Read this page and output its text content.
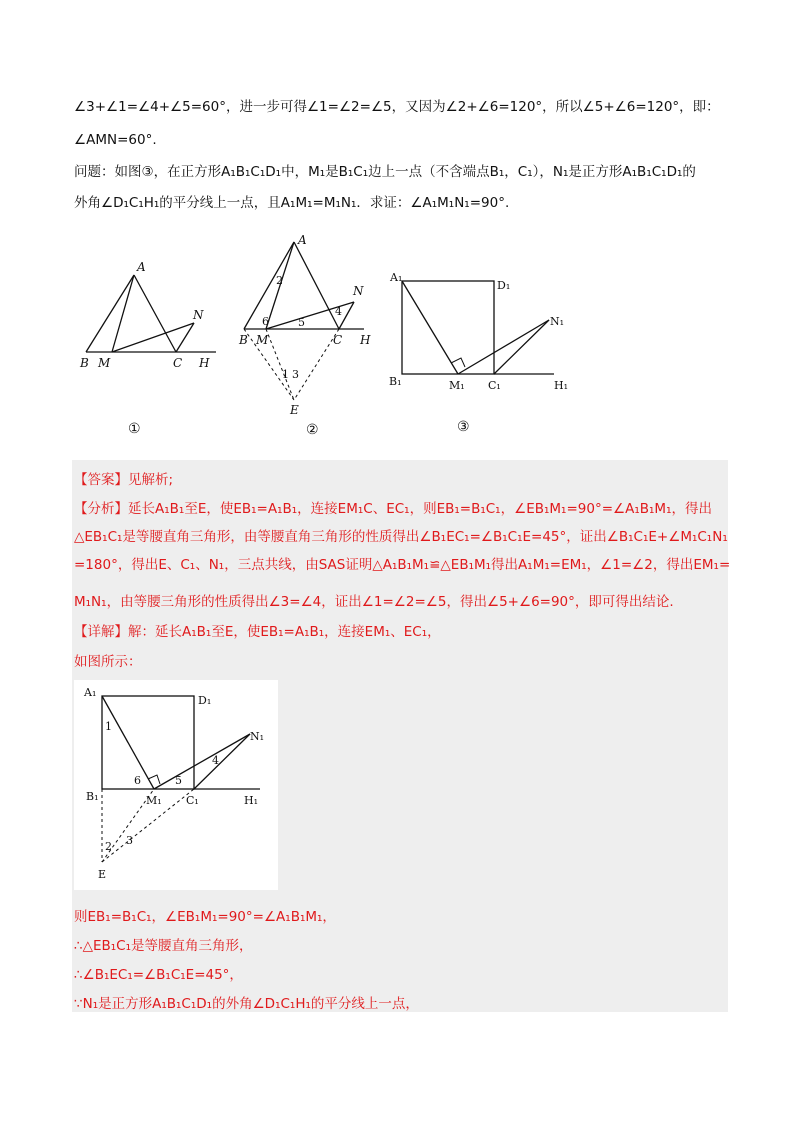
∠3+∠1=∠4+∠5=60°，进一步可得∠1=∠2=∠5，又因为∠2+∠6=120°，所以∠5+∠6=120°，即：
∠AMN=60°.
问题：如图③，在正方形A₁B₁C₁D₁中，M₁是B₁C₁边上一点（不含端点B₁，C₁），N₁是正方形A₁B₁C₁D₁的
外角∠D₁C₁H₁的平分线上一点，且A₁M₁=M₁N₁．求证：∠A₁M₁N₁=90°.
A
B M	C H
N
①
A
B M	C H
N
E
2
6	5
4
1 3
②
A₁
D₁
B₁	M₁ C₁	H₁
N₁
③
【答案】见解析;
【分析】延长A₁B₁至E，使EB₁=A₁B₁，连接EM₁C、EC₁，则EB₁=B₁C₁，∠EB₁M₁=90°=∠A₁B₁M₁，得出
△EB₁C₁是等腰直角三角形，由等腰直角三角形的性质得出∠B₁EC₁=∠B₁C₁E=45°，证出∠B₁C₁E+∠M₁C₁N₁
=180°，得出E、C₁、N₁，三点共线，由SAS证明△A₁B₁M₁≌△EB₁M₁得出A₁M₁=EM₁，∠1=∠2，得出EM₁=
M₁N₁，由等腰三角形的性质得出∠3=∠4，证出∠1=∠2=∠5，得出∠5+∠6=90°，即可得出结论.
【详解】解：延长A₁B₁至E，使EB₁=A₁B₁，连接EM₁、EC₁，
如图所示：
A₁
D₁
B₁	M₁ C₁	H₁
N₁
E
1
6	5
4
2 3
则EB₁=B₁C₁，∠EB₁M₁=90°=∠A₁B₁M₁，
∴△EB₁C₁是等腰直角三角形，
∴∠B₁EC₁=∠B₁C₁E=45°，
∵N₁是正方形A₁B₁C₁D₁的外角∠D₁C₁H₁的平分线上一点，
